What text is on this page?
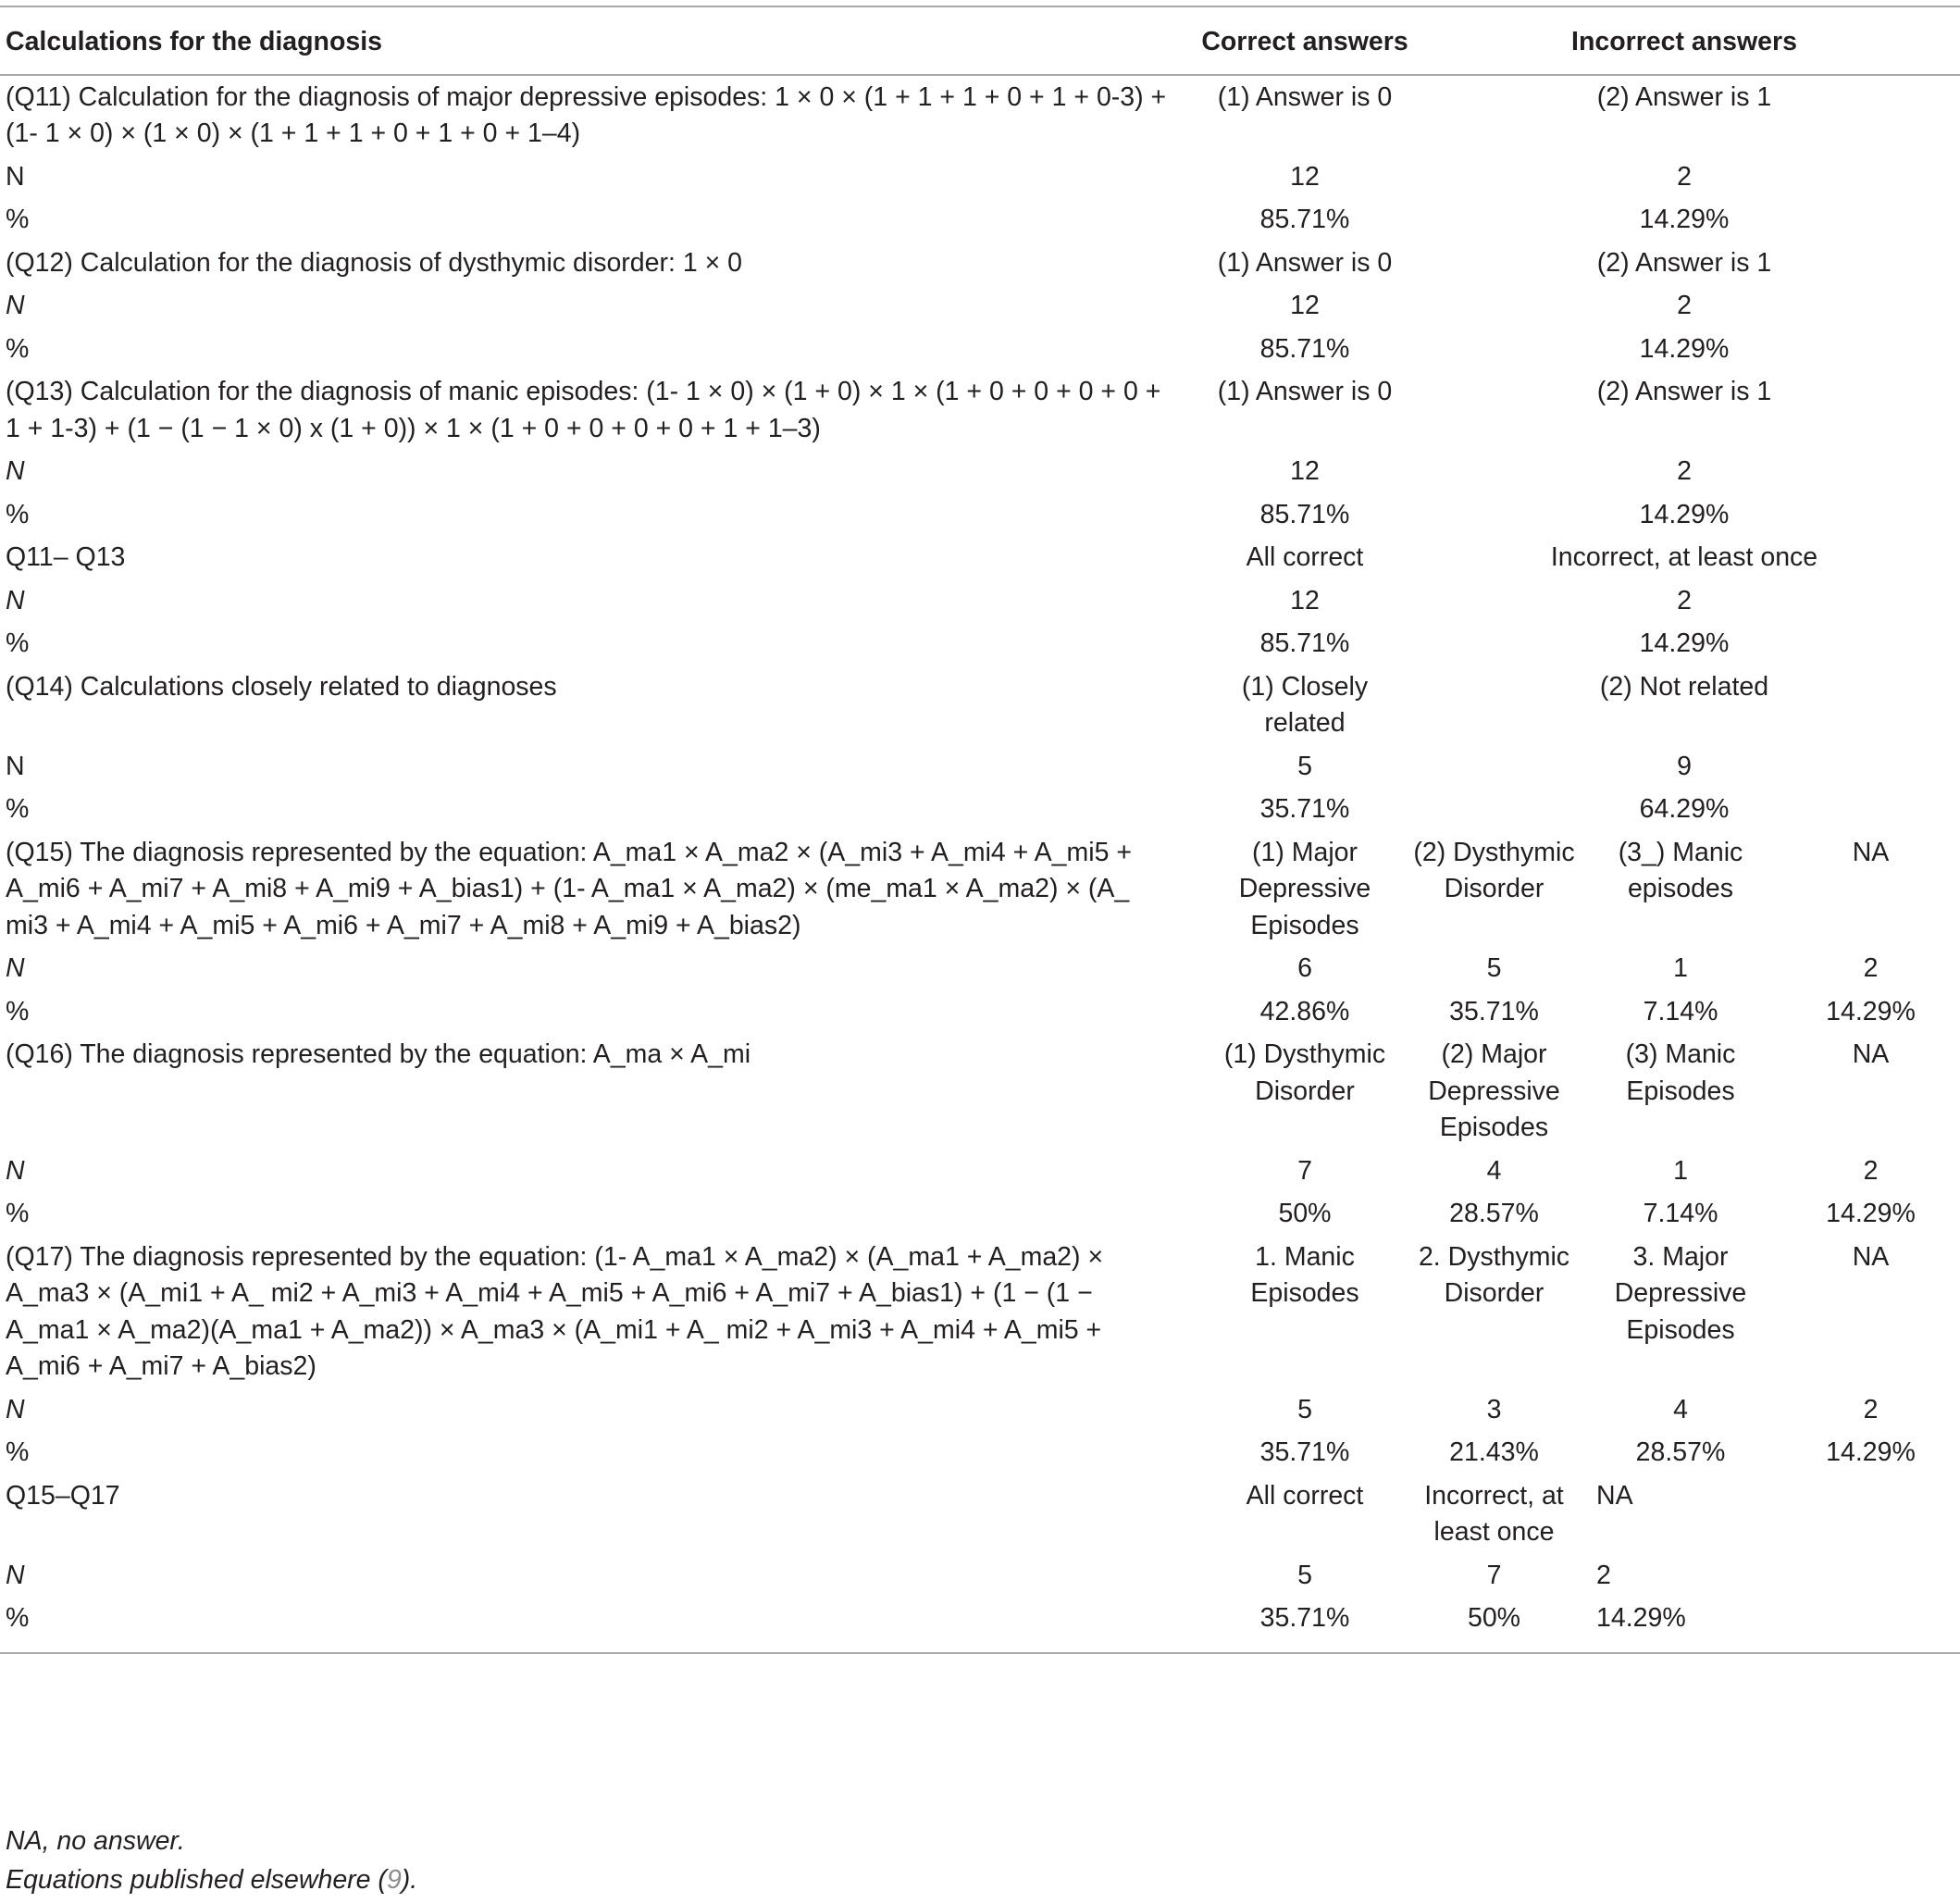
Calculations for the diagnosis	Correct answers	Incorrect answers		
(Q11) Calculation for the diagnosis of major depressive episodes: 1 × 0 × (1 + 1 + 1 + 0 + 1 + 0-3) + (1- 1 × 0) × (1 × 0) × (1 + 1 + 1 + 0 + 1 + 0 + 1–4)	(1) Answer is 0	(2) Answer is 1		
N	12	2		
%	85.71%	14.29%		
(Q12) Calculation for the diagnosis of dysthymic disorder: 1 × 0	(1) Answer is 0	(2) Answer is 1		
N	12	2		
%	85.71%	14.29%		
(Q13) Calculation for the diagnosis of manic episodes: (1- 1 × 0) × (1 + 0) × 1 × (1 + 0 + 0 + 0 + 0 + 1 + 1-3) + (1 − (1 − 1 × 0) x (1 + 0)) × 1 × (1 + 0 + 0 + 0 + 0 + 1 + 1–3)	(1) Answer is 0	(2) Answer is 1		
N	12	2		
%	85.71%	14.29%		
Q11– Q13	All correct	Incorrect, at least once		
N	12	2		
%	85.71%	14.29%		
(Q14) Calculations closely related to diagnoses	(1) Closely related	(2) Not related		
N	5	9		
%	35.71%	64.29%		
(Q15) The diagnosis represented by the equation: A_ma1 × A_ma2 × (A_mi3 + A_mi4 + A_mi5 + A_mi6 + A_mi7 + A_mi8 + A_mi9 + A_bias1) + (1- A_ma1 × A_ma2) × (me_ma1 × A_ma2) × (A_ mi3 + A_mi4 + A_mi5 + A_mi6 + A_mi7 + A_mi8 + A_mi9 + A_bias2)	(1) Major Depressive Episodes	(2) Dysthymic Disorder	(3_) Manic episodes	NA
N	6	5	1	2
%	42.86%	35.71%	7.14%	14.29%
(Q16) The diagnosis represented by the equation: A_ma × A_mi	(1) Dysthymic Disorder	(2) Major Depressive Episodes	(3) Manic Episodes	NA
N	7	4	1	2
%	50%	28.57%	7.14%	14.29%
(Q17) The diagnosis represented by the equation: (1- A_ma1 × A_ma2) × (A_ma1 + A_ma2) × A_ma3 × (A_mi1 + A_ mi2 + A_mi3 + A_mi4 + A_mi5 + A_mi6 + A_mi7 + A_bias1) + (1 − (1 − A_ma1 × A_ma2)(A_ma1 + A_ma2)) × A_ma3 × (A_mi1 + A_ mi2 + A_mi3 + A_mi4 + A_mi5 + A_mi6 + A_mi7 + A_bias2)	1. Manic Episodes	2. Dysthymic Disorder	3. Major Depressive Episodes	NA
N	5	3	4	2
%	35.71%	21.43%	28.57%	14.29%
Q15–Q17	All correct	Incorrect, at least once	NA	
N	5	7	2	
%	35.71%	50%	14.29%	
NA, no answer.
Equations published elsewhere (9).
